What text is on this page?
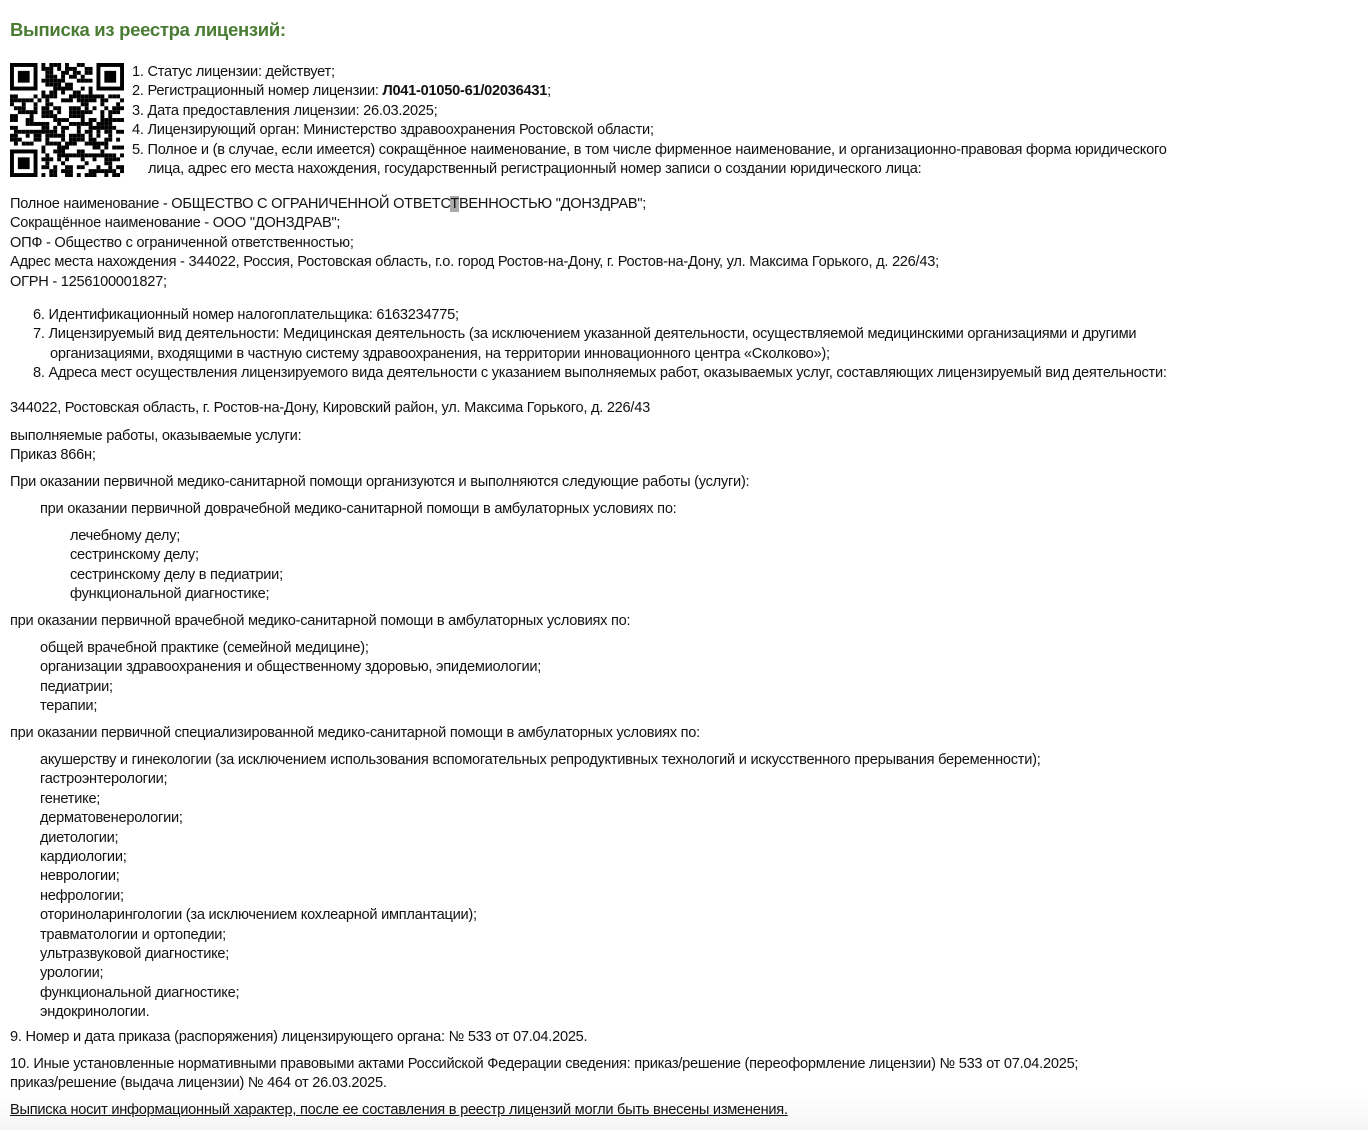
Выписка из реестра лицензий:
1. Статус лицензии: действует;
2. Регистрационный номер лицензии: Л041-01050-61/02036431;
3. Дата предоставления лицензии: 26.03.2025;
4. Лицензирующий орган: Министерство здравоохранения Ростовской области;
5. Полное и (в случае, если имеется) сокращённое наименование, в том числе фирменное наименование, и организационно-правовая форма юридического
лица, адрес его места нахождения, государственный регистрационный номер записи о создании юридического лица:
Полное наименование - ОБЩЕСТВО С ОГРАНИЧЕННОЙ ОТВЕТСТВЕННОСТЬЮ "ДОНЗДРАВ";
Сокращённое наименование - ООО "ДОНЗДРАВ";
ОПФ - Общество с ограниченной ответственностью;
Адрес места нахождения - 344022, Россия, Ростовская область, г.о. город Ростов-на-Дону, г. Ростов-на-Дону, ул. Максима Горького, д. 226/43;
ОГРН - 1256100001827;
6. Идентификационный номер налогоплательщика: 6163234775;
7. Лицензируемый вид деятельности: Медицинская деятельность (за исключением указанной деятельности, осуществляемой медицинскими организациями и другими
организациями, входящими в частную систему здравоохранения, на территории инновационного центра «Сколково»);
8. Адреса мест осуществления лицензируемого вида деятельности с указанием выполняемых работ, оказываемых услуг, составляющих лицензируемый вид деятельности:
344022, Ростовская область, г. Ростов-на-Дону, Кировский район, ул. Максима Горького, д. 226/43
выполняемые работы, оказываемые услуги:
Приказ 866н;
При оказании первичной медико-санитарной помощи организуются и выполняются следующие работы (услуги):
при оказании первичной доврачебной медико-санитарной помощи в амбулаторных условиях по:
лечебному делу;
сестринскому делу;
сестринскому делу в педиатрии;
функциональной диагностике;
при оказании первичной врачебной медико-санитарной помощи в амбулаторных условиях по:
общей врачебной практике (семейной медицине);
организации здравоохранения и общественному здоровью, эпидемиологии;
педиатрии;
терапии;
при оказании первичной специализированной медико-санитарной помощи в амбулаторных условиях по:
акушерству и гинекологии (за исключением использования вспомогательных репродуктивных технологий и искусственного прерывания беременности);
гастроэнтерологии;
генетике;
дерматовенерологии;
диетологии;
кардиологии;
неврологии;
нефрологии;
оториноларингологии (за исключением кохлеарной имплантации);
травматологии и ортопедии;
ультразвуковой диагностике;
урологии;
функциональной диагностике;
эндокринологии.
9. Номер и дата приказа (распоряжения) лицензирующего органа: № 533 от 07.04.2025.
10. Иные установленные нормативными правовыми актами Российской Федерации сведения: приказ/решение (переоформление лицензии) № 533 от 07.04.2025;
приказ/решение (выдача лицензии) № 464 от 26.03.2025.
Выписка носит информационный характер, после ее составления в реестр лицензий могли быть внесены изменения.
